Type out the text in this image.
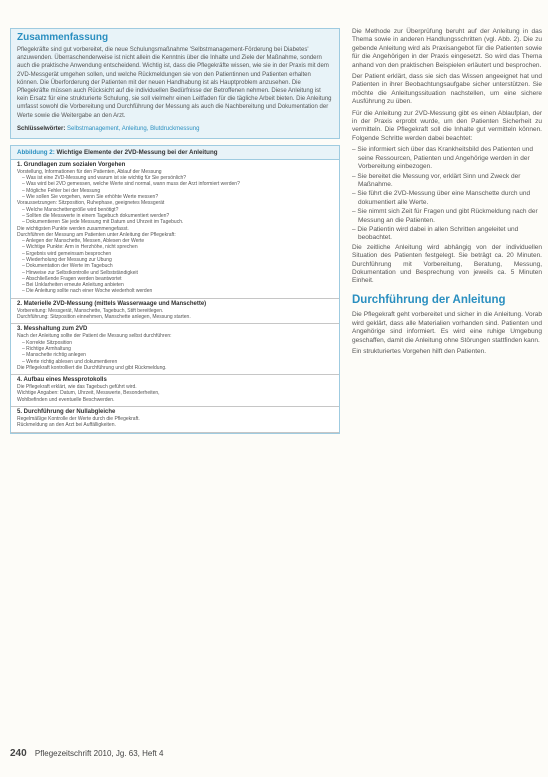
Zusammenfassung
Pflegekräfte sind gut vorbereitet, die neue Schulungsmaßnahme 'Selbstmanagement-Förderung bei Diabetes' anzuwenden. Überraschenderweise ist nicht allein die Kenntnis über die Inhalte und Ziele der Maßnahme, sondern auch die praktische Anwendung entscheidend. Wichtig ist, dass die Pflegekräfte wissen, wie sie in der Praxis mit dem 2VD-Messgerät umgehen sollen, und welche Rückmeldungen sie von den Patientinnen und Patienten erhalten können. Die Überforderung der Patienten mit der neuen Handhabung ist als Hauptproblem anzusehen. Die Pflegekräfte müssen auch Rücksicht auf die individuellen Bedürfnisse der Betroffenen nehmen. Diese Anleitung ist kein Ersatz für eine strukturierte Schulung, sie soll vielmehr einen Leitfaden für die tägliche Arbeit bieten. Die Anleitung umfasst sowohl die Vorbereitung und Durchführung der Messung als auch die Nachbereitung und Dokumentation der Werte sowie die Weitergabe an den Arzt.
Schlüsselwörter: Selbstmanagement, Anleitung, Blutdruckmessung
Abbildung 2: Wichtige Elemente der 2VD-Messung bei der Anleitung
1. Grundlagen zum sozialen Vorgehen
Vorstellung, Informationen für den Patienten, Ablauf der Messung
– Was ist eine 2VD-Messung und warum ist sie wichtig für Sie persönlich?
– Was wird bei 2VD gemessen, welche Werte sind normal, wann muss der Arzt informiert werden?
– Mögliche Fehler bei der Messung
– Wie sollen Sie vorgehen, wenn Sie erhöhte Werte messen?
Voraussetzungen: Sitzposition, Ruhephase, geeignetes Messgerät
– Welche Manschettengröße wird benötigt?
– Sollten die Messwerte in einem Tagebuch dokumentiert werden?
– Dokumentieren Sie jede Messung mit Datum und Uhrzeit im Tagebuch.
Die wichtigsten Punkte werden zusammengefasst.
Durchführen der Messung am Patienten unter Anleitung der Pflegekraft:
– Anlegen der Manschette, Messen, Ablesen der Werte
– Wichtige Punkte: Arm in Herzhöhe, nicht sprechen
– Ergebnis wird gemeinsam besprochen
– Wiederholung der Messung zur Übung
– Dokumentation der Werte im Tagebuch
– Hinweise zur Selbstkontrolle und Selbstständigkeit
– Abschließende Fragen werden beantwortet
– Bei Unklarheiten erneute Anleitung anbieten
– Die Anleitung sollte nach einer Woche wiederholt werden
2. Materielle 2VD-Messung (mittels Wasserwaage und Manschette)
Vorbereitung: Messgerät, Manschette, Tagebuch, Stift bereitlegen.
Durchführung: Sitzposition einnehmen, Manschette anlegen, Messung starten.
3. Messhaltung zum 2VD
Nach der Anleitung sollte der Patient die Messung selbst durchführen:
– Korrekte Sitzposition
– Richtige Armhaltung
– Manschette richtig anlegen
– Werte richtig ablesen und dokumentieren
Die Pflegekraft kontrolliert die Durchführung und gibt Rückmeldung.
4. Aufbau eines Messprotokolls
Die Pflegekraft erklärt, wie das Tagebuch geführt wird.
Wichtige Angaben: Datum, Uhrzeit, Messwerte, Besonderheiten,
Wohlbefinden und eventuelle Beschwerden.
5. Durchführung der Nullabgleiche
Regelmäßige Kontrolle der Werte durch die Pflegekraft.
Rückmeldung an den Arzt bei Auffälligkeiten.

Die Methode zur Überprüfung beruht auf der Anleitung in das Thema sowie in anderen Handlungsschritten (vgl. Abb. 2). Die zu gebende Anleitung wird als Praxisangebot für die Patienten sowie für die Angehörigen in der Praxis eingesetzt. So wird das Thema anhand von den praktischen Beispielen erläutert und besprochen.

Der Patient erklärt, dass sie sich das Wissen angeeignet hat und Patienten in ihrer Beobachtungsaufgabe sicher unterstützen. Sie möchte die Anleitungssituation nachstellen, um eine sichere Ausführung zu üben.

Für die Anleitung zur 2VD-Messung gibt es einen Ablaufplan, der in der Praxis erprobt wurde, um den Patienten Sicherheit zu vermitteln. Die Pflegekraft soll die Inhalte gut vermitteln können. Folgende Schritte werden dabei beachtet:

– Sie informiert sich über das Krankheitsbild des Patienten und seine Ressourcen, Patienten und Angehörige werden in der Vorbereitung einbezogen.
– Sie bereitet die Messung vor, erklärt Sinn und Zweck der Maßnahme.
– Sie führt die 2VD-Messung über eine Manschette durch und dokumentiert alle Werte.
– Sie nimmt sich Zeit für Fragen und gibt Rückmeldung nach der Messung an die Patienten.
– Die Patientin wird dabei in allen Schritten angeleitet und beobachtet.

Die zeitliche Anleitung wird abhängig von der individuellen Situation des Patienten festgelegt. Sie beträgt ca. 20 Minuten. Durchführung mit Vorbereitung, Beratung, Messung, Dokumentation und Besprechung von jeweils ca. 5 Minuten Einheit.

Durchführung der Anleitung

Die Pflegekraft geht vorbereitet und sicher in die Anleitung. Vorab wird geklärt, dass alle Materialien vorhanden sind. Patienten und Angehörige sind informiert. Es wird eine ruhige Umgebung geschaffen, damit die Anleitung ohne Störungen stattfinden kann.

Ein strukturiertes Vorgehen hilft den Patienten.

240 Pflegezeitschrift 2010, Jg. 63, Heft 4
